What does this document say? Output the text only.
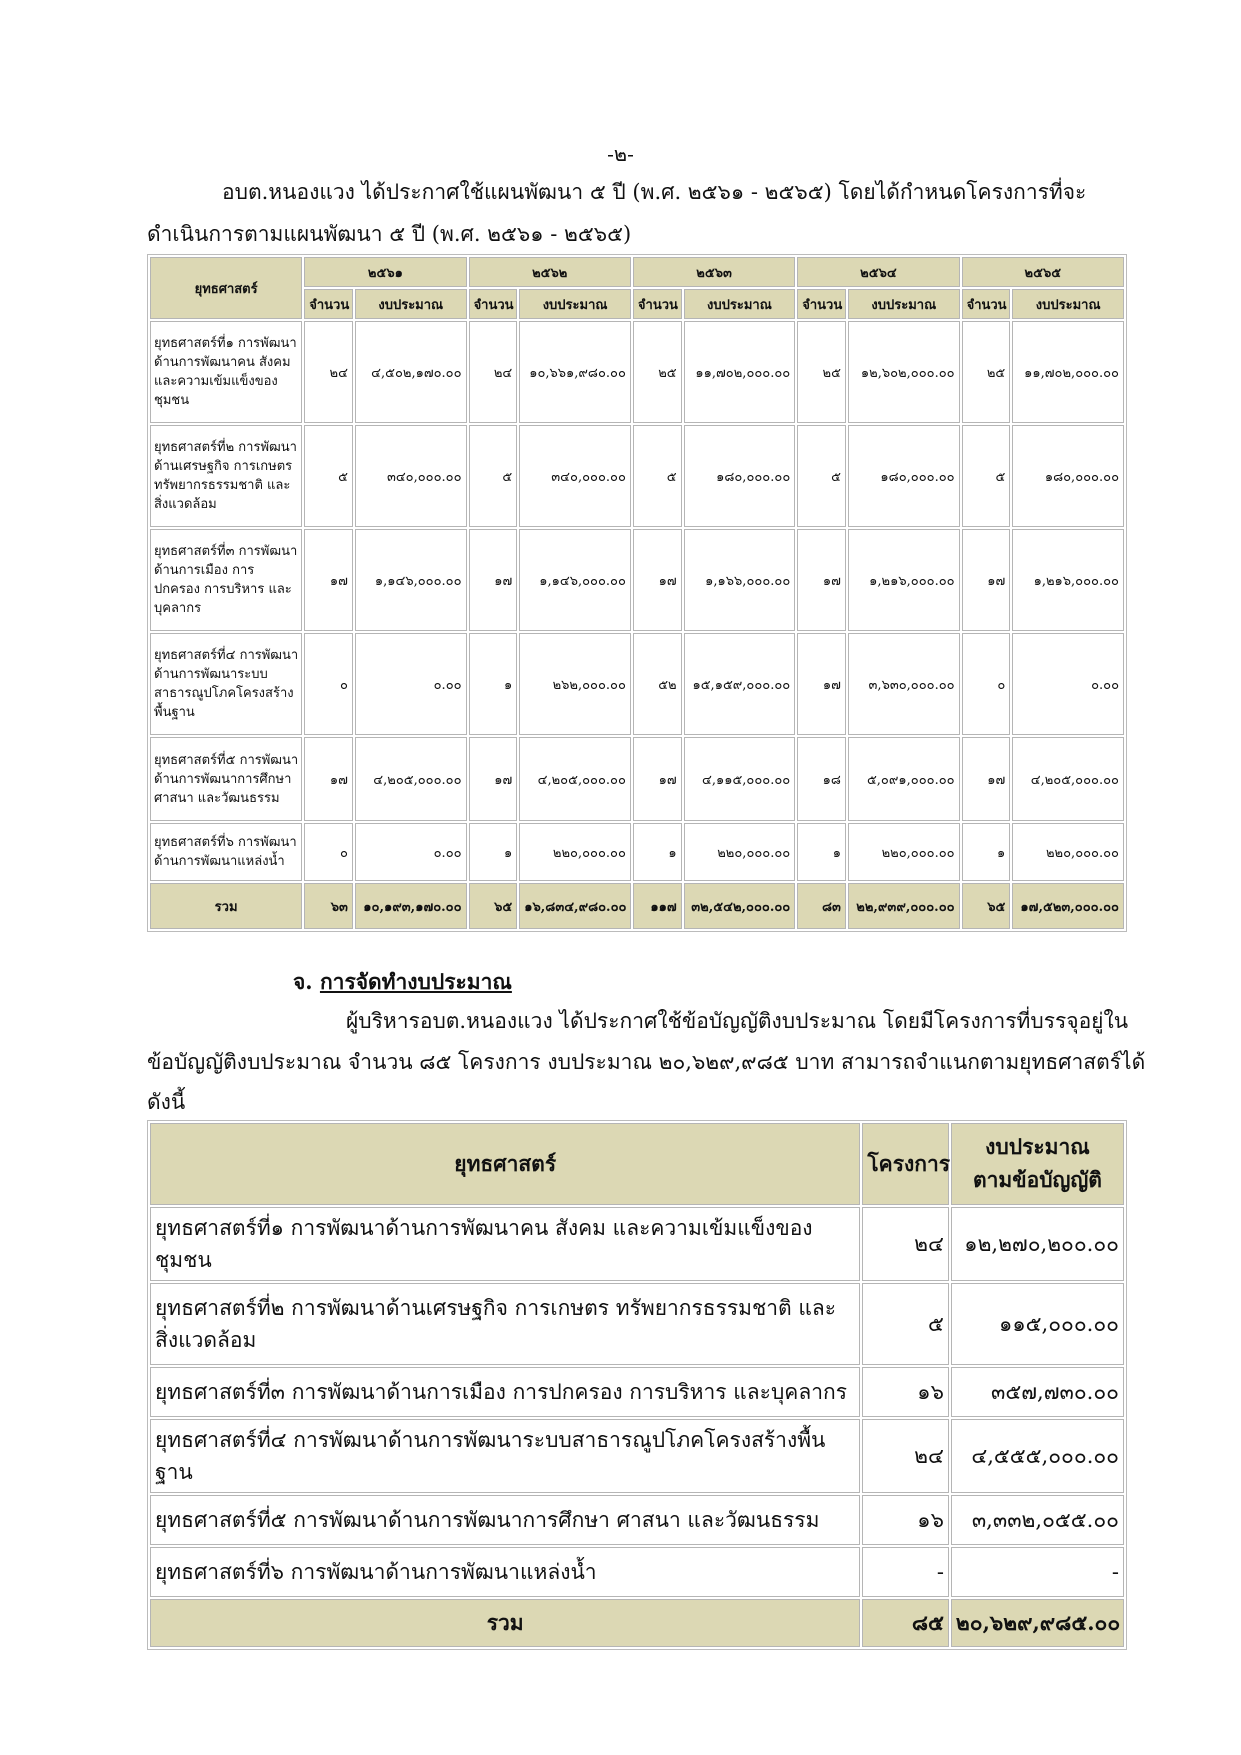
-๒-
อบต.หนองแวง ได้ประกาศใช้แผนพัฒนา ๕ ปี (พ.ศ. ๒๕๖๑ - ๒๕๖๕) โดยได้กำหนดโครงการที่จะ
ดำเนินการตามแผนพัฒนา ๕ ปี (พ.ศ. ๒๕๖๑ - ๒๕๖๕)
ยุทธศาสตร์	๒๕๖๑		๒๕๖๒		๒๕๖๓		๒๕๖๔		๒๕๖๕	
	จำนวน	งบประมาณ	จำนวน	งบประมาณ	จำนวน	งบประมาณ	จำนวน	งบประมาณ	จำนวน	งบประมาณ
ยุทธศาสตร์ที่๑ การพัฒนาด้านการพัฒนาคน สังคม และความเข้มแข็งของชุมชน	๒๔	๔,๕๐๒,๑๗๐.๐๐	๒๔	๑๐,๖๖๑,๙๘๐.๐๐	๒๕	๑๑,๗๐๒,๐๐๐.๐๐	๒๕	๑๒,๖๐๒,๐๐๐.๐๐	๒๕	๑๑,๗๐๒,๐๐๐.๐๐
ยุทธศาสตร์ที่๒ การพัฒนาด้านเศรษฐกิจ การเกษตร ทรัพยากรธรรมชาติ และสิ่งแวดล้อม	๕	๓๔๐,๐๐๐.๐๐	๕	๓๔๐,๐๐๐.๐๐	๕	๑๘๐,๐๐๐.๐๐	๕	๑๘๐,๐๐๐.๐๐	๕	๑๘๐,๐๐๐.๐๐
ยุทธศาสตร์ที่๓ การพัฒนาด้านการเมือง การปกครอง การบริหาร และบุคลากร	๑๗	๑,๑๔๖,๐๐๐.๐๐	๑๗	๑,๑๔๖,๐๐๐.๐๐	๑๗	๑,๑๖๖,๐๐๐.๐๐	๑๗	๑,๒๑๖,๐๐๐.๐๐	๑๗	๑,๒๑๖,๐๐๐.๐๐
ยุทธศาสตร์ที่๔ การพัฒนาด้านการพัฒนาระบบสาธารณูปโภคโครงสร้างพื้นฐาน	๐	๐.๐๐	๑	๒๖๒,๐๐๐.๐๐	๕๒	๑๕,๑๕๙,๐๐๐.๐๐	๑๗	๓,๖๓๐,๐๐๐.๐๐	๐	๐.๐๐
ยุทธศาสตร์ที่๕ การพัฒนาด้านการพัฒนาการศึกษา ศาสนา และวัฒนธรรม	๑๗	๔,๒๐๕,๐๐๐.๐๐	๑๗	๔,๒๐๕,๐๐๐.๐๐	๑๗	๔,๑๑๕,๐๐๐.๐๐	๑๘	๕,๐๙๑,๐๐๐.๐๐	๑๗	๔,๒๐๕,๐๐๐.๐๐
ยุทธศาสตร์ที่๖ การพัฒนาด้านการพัฒนาแหล่งน้ำ	๐	๐.๐๐	๑	๒๒๐,๐๐๐.๐๐	๑	๒๒๐,๐๐๐.๐๐	๑	๒๒๐,๐๐๐.๐๐	๑	๒๒๐,๐๐๐.๐๐
รวม	๖๓	๑๐,๑๙๓,๑๗๐.๐๐	๖๕	๑๖,๘๓๔,๙๘๐.๐๐	๑๑๗	๓๒,๕๔๒,๐๐๐.๐๐	๘๓	๒๒,๙๓๙,๐๐๐.๐๐	๖๕	๑๗,๕๒๓,๐๐๐.๐๐
จ. การจัดทำงบประมาณ
ผู้บริหารอบต.หนองแวง ได้ประกาศใช้ข้อบัญญัติงบประมาณ โดยมีโครงการที่บรรจุอยู่ใน
ข้อบัญญัติงบประมาณ จำนวน ๘๕ โครงการ งบประมาณ ๒๐,๖๒๙,๙๘๕ บาท สามารถจำแนกตามยุทธศาสตร์ได้
ดังนี้
ยุทธศาสตร์	โครงการ	งบประมาณ
ตามข้อบัญญัติ

ยุทธศาสตร์ที่๑ การพัฒนาด้านการพัฒนาคน สังคม และความเข้มแข็งของชุมชน	๒๔	๑๒,๒๗๐,๒๐๐.๐๐
ยุทธศาสตร์ที่๒ การพัฒนาด้านเศรษฐกิจ การเกษตร ทรัพยากรธรรมชาติ และสิ่งแวดล้อม	๕	๑๑๕,๐๐๐.๐๐
ยุทธศาสตร์ที่๓ การพัฒนาด้านการเมือง การปกครอง การบริหาร และบุคลากร	๑๖	๓๕๗,๗๓๐.๐๐
ยุทธศาสตร์ที่๔ การพัฒนาด้านการพัฒนาระบบสาธารณูปโภคโครงสร้างพื้นฐาน	๒๔	๔,๕๕๕,๐๐๐.๐๐
ยุทธศาสตร์ที่๕ การพัฒนาด้านการพัฒนาการศึกษา ศาสนา และวัฒนธรรม	๑๖	๓,๓๓๒,๐๕๕.๐๐
ยุทธศาสตร์ที่๖ การพัฒนาด้านการพัฒนาแหล่งน้ำ	-	-
รวม	๘๕	๒๐,๖๒๙,๙๘๕.๐๐
